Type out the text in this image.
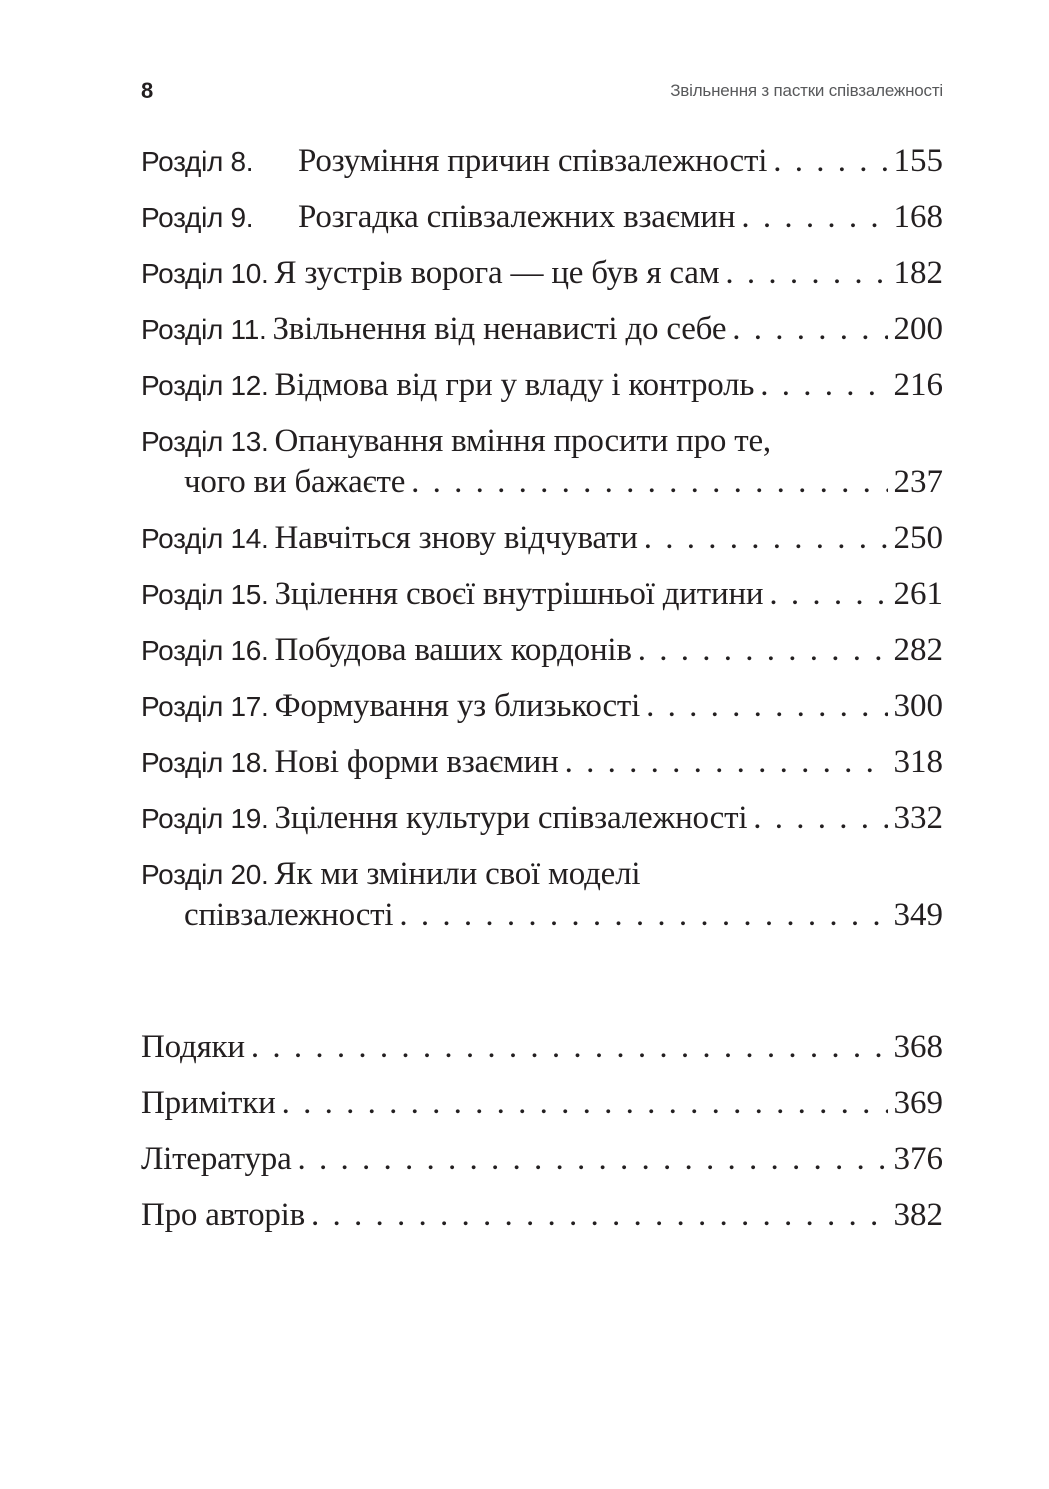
8	Звільнення з пастки співзалежності
Розділ 8.	Розуміння причин співзалежності . . .	155
Розділ 9.	Розгадка співзалежних взаємин . . .	168
Розділ 10. Я зустрів ворога — це був я сам . . .	182
Розділ 11. Звільнення від ненависті до себе . . .	200
Розділ 12. Відмова від гри у владу і контроль . . .	216
Розділ 13. Опанування вміння просити про те,
чого ви бажаєте . . .	237
Розділ 14. Навчіться знову відчувати . . .	250
Розділ 15. Зцілення своєї внутрішньої дитини . . .	261
Розділ 16. Побудова ваших кордонів . . .	282
Розділ 17. Формування уз близькості . . .	300
Розділ 18. Нові форми взаємин . . .	318
Розділ 19. Зцілення культури співзалежності . . .	332
Розділ 20. Як ми змінили свої моделі
співзалежності . . .	349
Подяки . . .	368
Примітки . . .	369
Література . . .	376
Про авторів . . .	382
